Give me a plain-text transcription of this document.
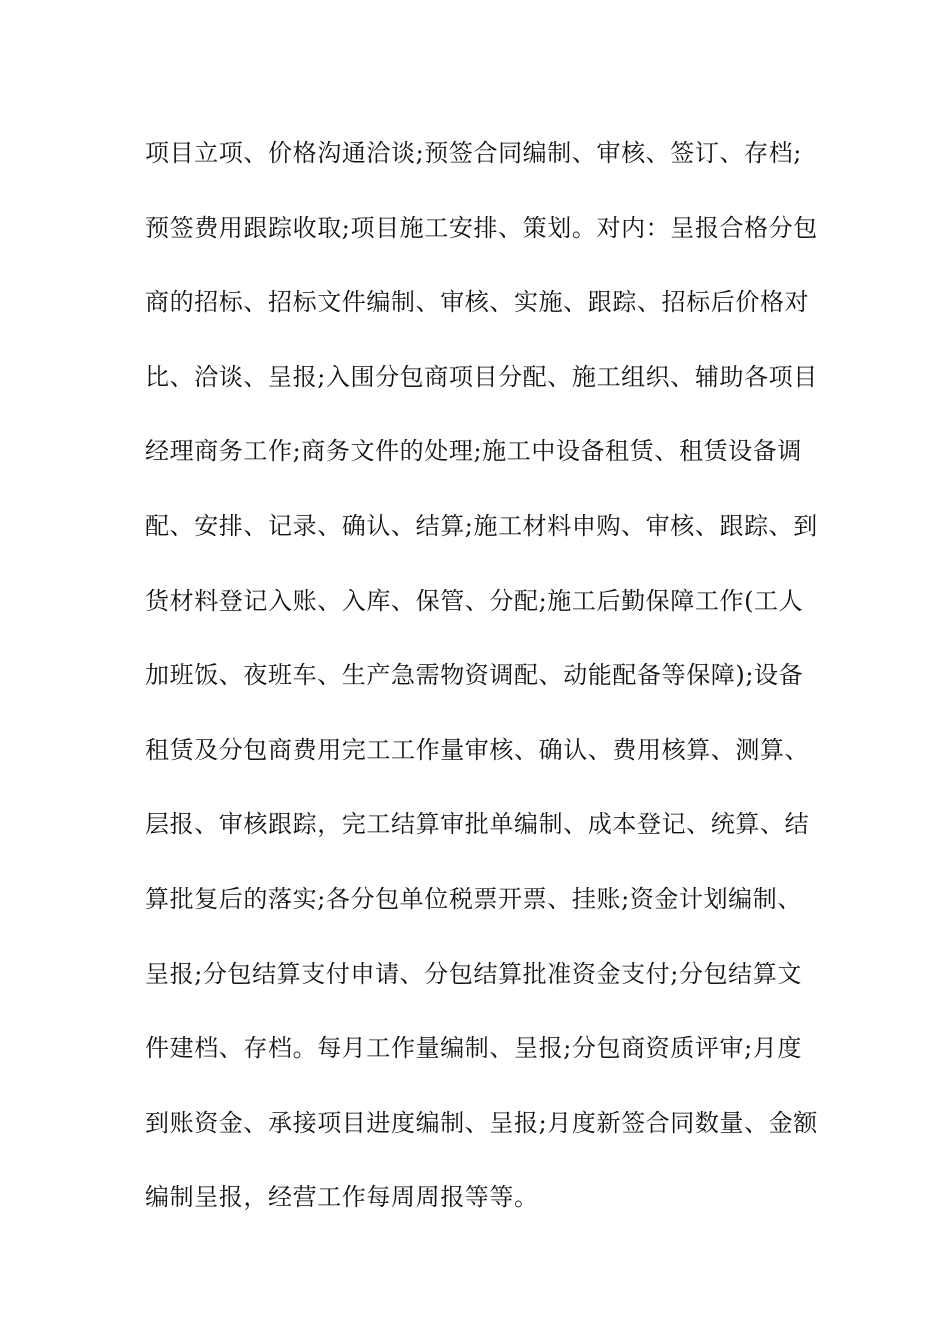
项目立项、价格沟通洽谈;预签合同编制、审核、签订、存档;
预签费用跟踪收取;项目施工安排、策划。对内：呈报合格分包
商的招标、招标文件编制、审核、实施、跟踪、招标后价格对
比、洽谈、呈报;入围分包商项目分配、施工组织、辅助各项目
经理商务工作;商务文件的处理;施工中设备租赁、租赁设备调
配、安排、记录、确认、结算;施工材料申购、审核、跟踪、到
货材料登记入账、入库、保管、分配;施工后勤保障工作(工人
加班饭、夜班车、生产急需物资调配、动能配备等保障);设备
租赁及分包商费用完工工作量审核、确认、费用核算、测算、
层报、审核跟踪，完工结算审批单编制、成本登记、统算、结
算批复后的落实;各分包单位税票开票、挂账;资金计划编制、
呈报;分包结算支付申请、分包结算批准资金支付;分包结算文
件建档、存档。每月工作量编制、呈报;分包商资质评审;月度
到账资金、承接项目进度编制、呈报;月度新签合同数量、金额
编制呈报，经营工作每周周报等等。
